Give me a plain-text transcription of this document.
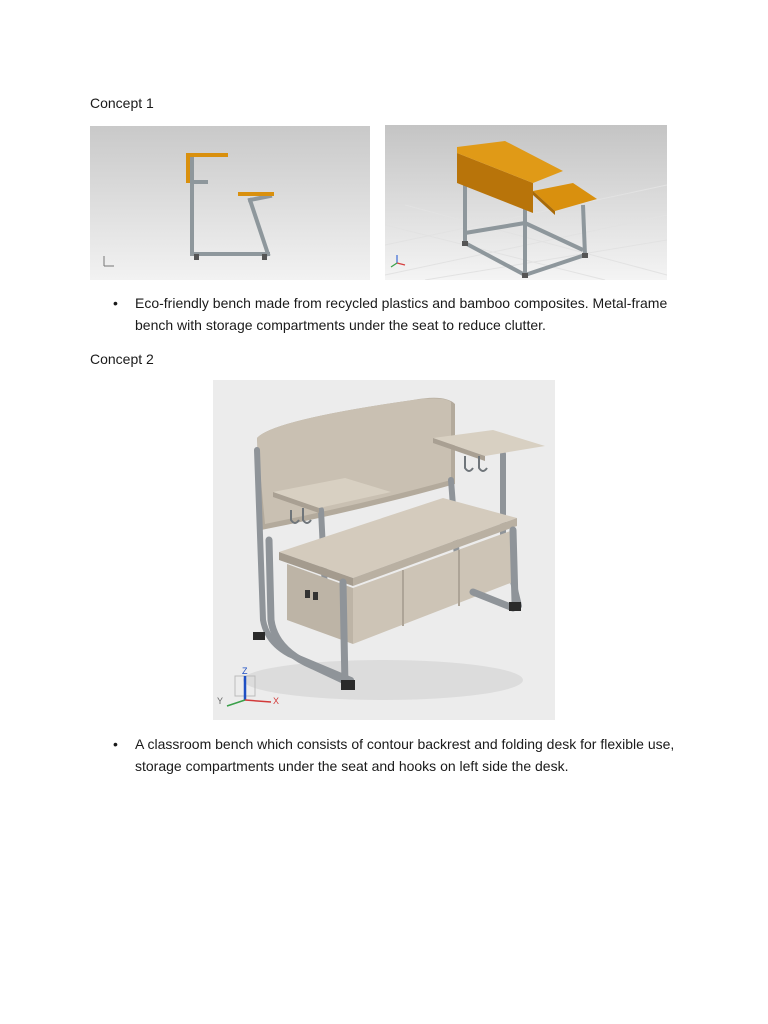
Concept 1
• Eco-friendly bench made from recycled plastics and bamboo composites. Metal-frame bench with storage compartments under the seat to reduce clutter.
Concept 2
Z
Y	X
• A classroom bench which consists of contour backrest and folding desk for flexible use, storage compartments under the seat and hooks on left side the desk.
